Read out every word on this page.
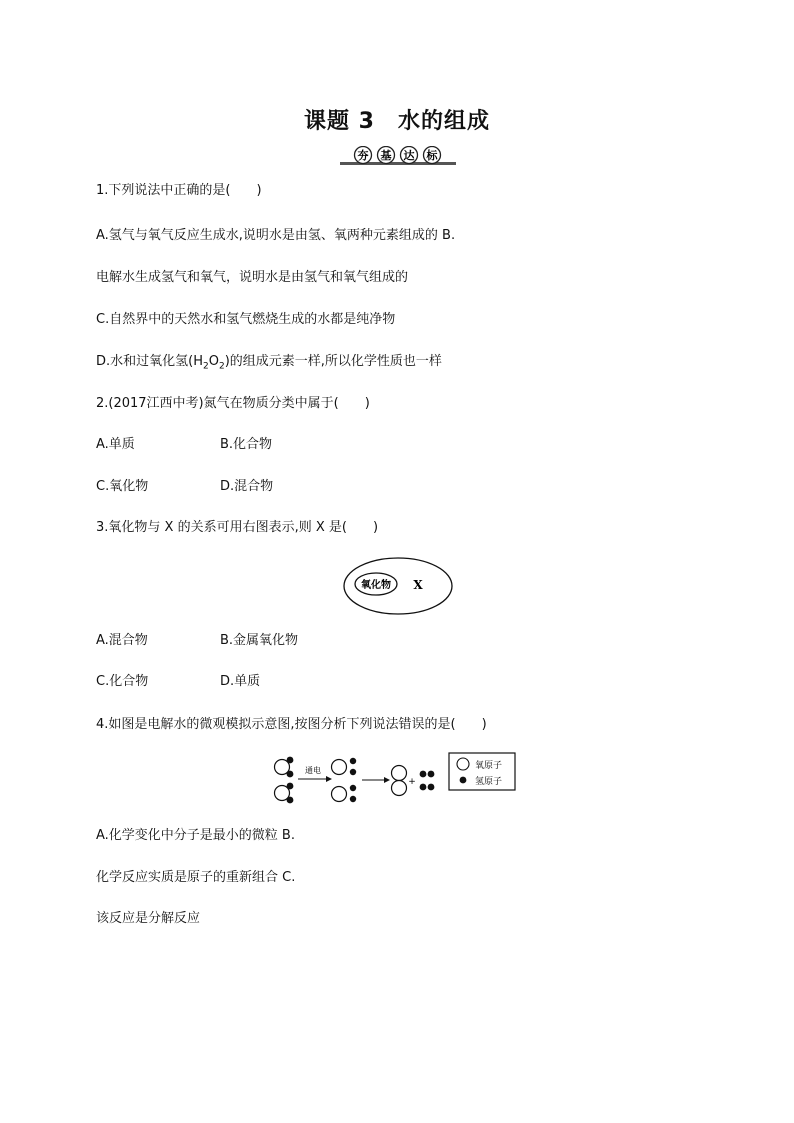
课题 3　水的组成
夯 基 达 标
1.下列说法中正确的是(　　)
A.氢气与氧气反应生成水,说明水是由氢、氧两种元素组成的 B.
电解水生成氢气和氧气，说明水是由氢气和氧气组成的
C.自然界中的天然水和氢气燃烧生成的水都是纯净物
D.水和过氧化氢$(H_2O_2)$的组成元素一样,所以化学性质也一样
2.(2017江西中考)氮气在物质分类中属于(　　)
A.单质	B.化合物
C.氧化物	D.混合物
3.氧化物与 X 的关系可用右图表示,则 X 是(　　)
氧化物 X
A.混合物	B.金属氧化物
C.化合物	D.单质
4.如图是电解水的微观模拟示意图,按图分析下列说法错误的是(　　)
通电
+
氧原子
氢原子
A.化学变化中分子是最小的微粒 B.
化学反应实质是原子的重新组合 C.
该反应是分解反应
